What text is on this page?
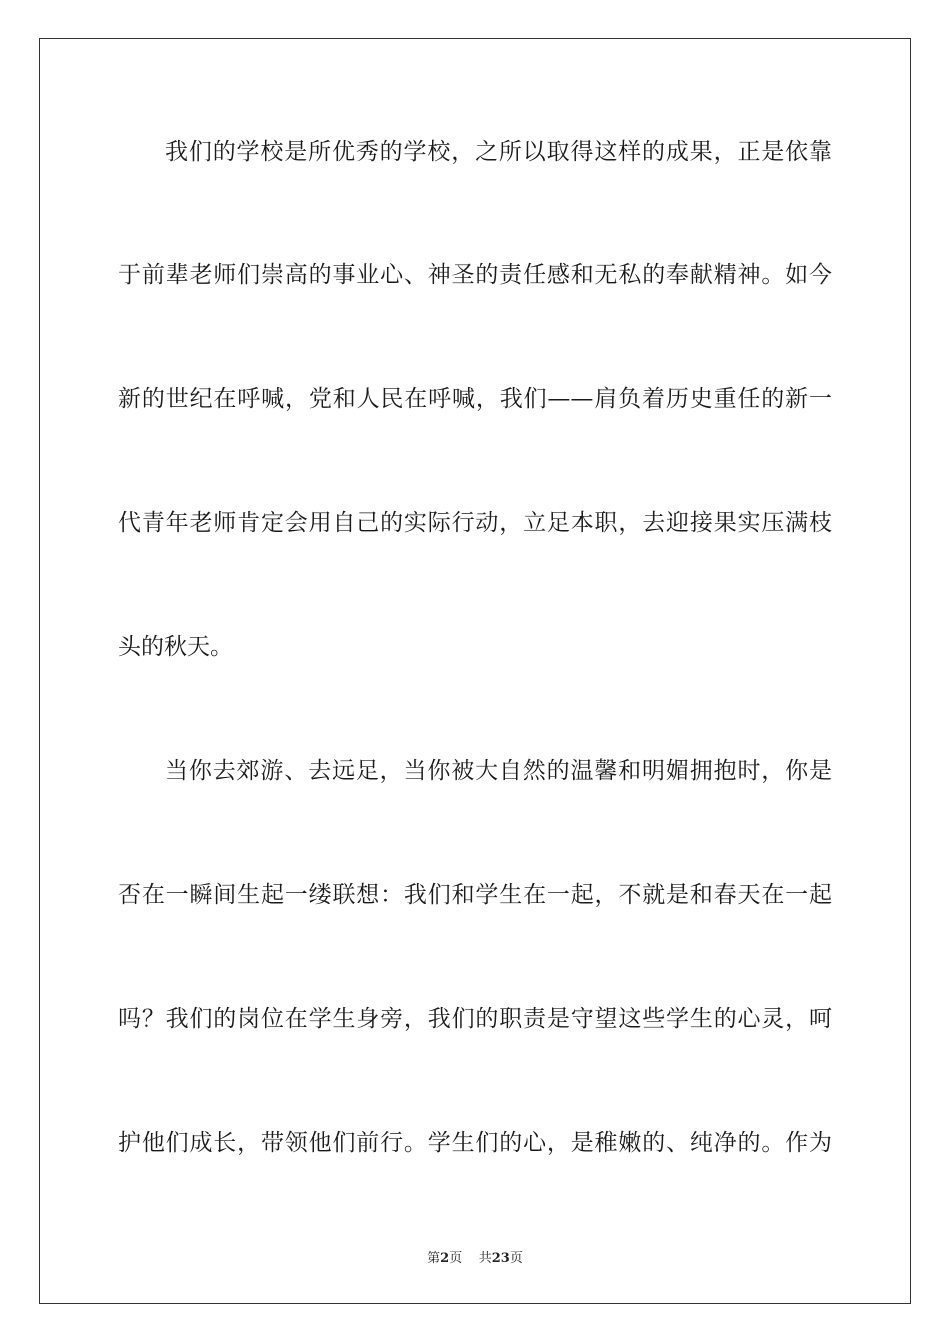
我们的学校是所优秀的学校，之所以取得这样的成果，正是依靠
于前辈老师们崇高的事业心、神圣的责任感和无私的奉献精神。如今
新的世纪在呼喊，党和人民在呼喊，我们——肩负着历史重任的新一
代青年老师肯定会用自己的实际行动，立足本职，去迎接果实压满枝
头的秋天。
当你去郊游、去远足，当你被大自然的温馨和明媚拥抱时，你是
否在一瞬间生起一缕联想：我们和学生在一起，不就是和春天在一起
吗？我们的岗位在学生身旁，我们的职责是守望这些学生的心灵，呵
护他们成长，带领他们前行。学生们的心，是稚嫩的、纯净的。作为
第2页 共23页
